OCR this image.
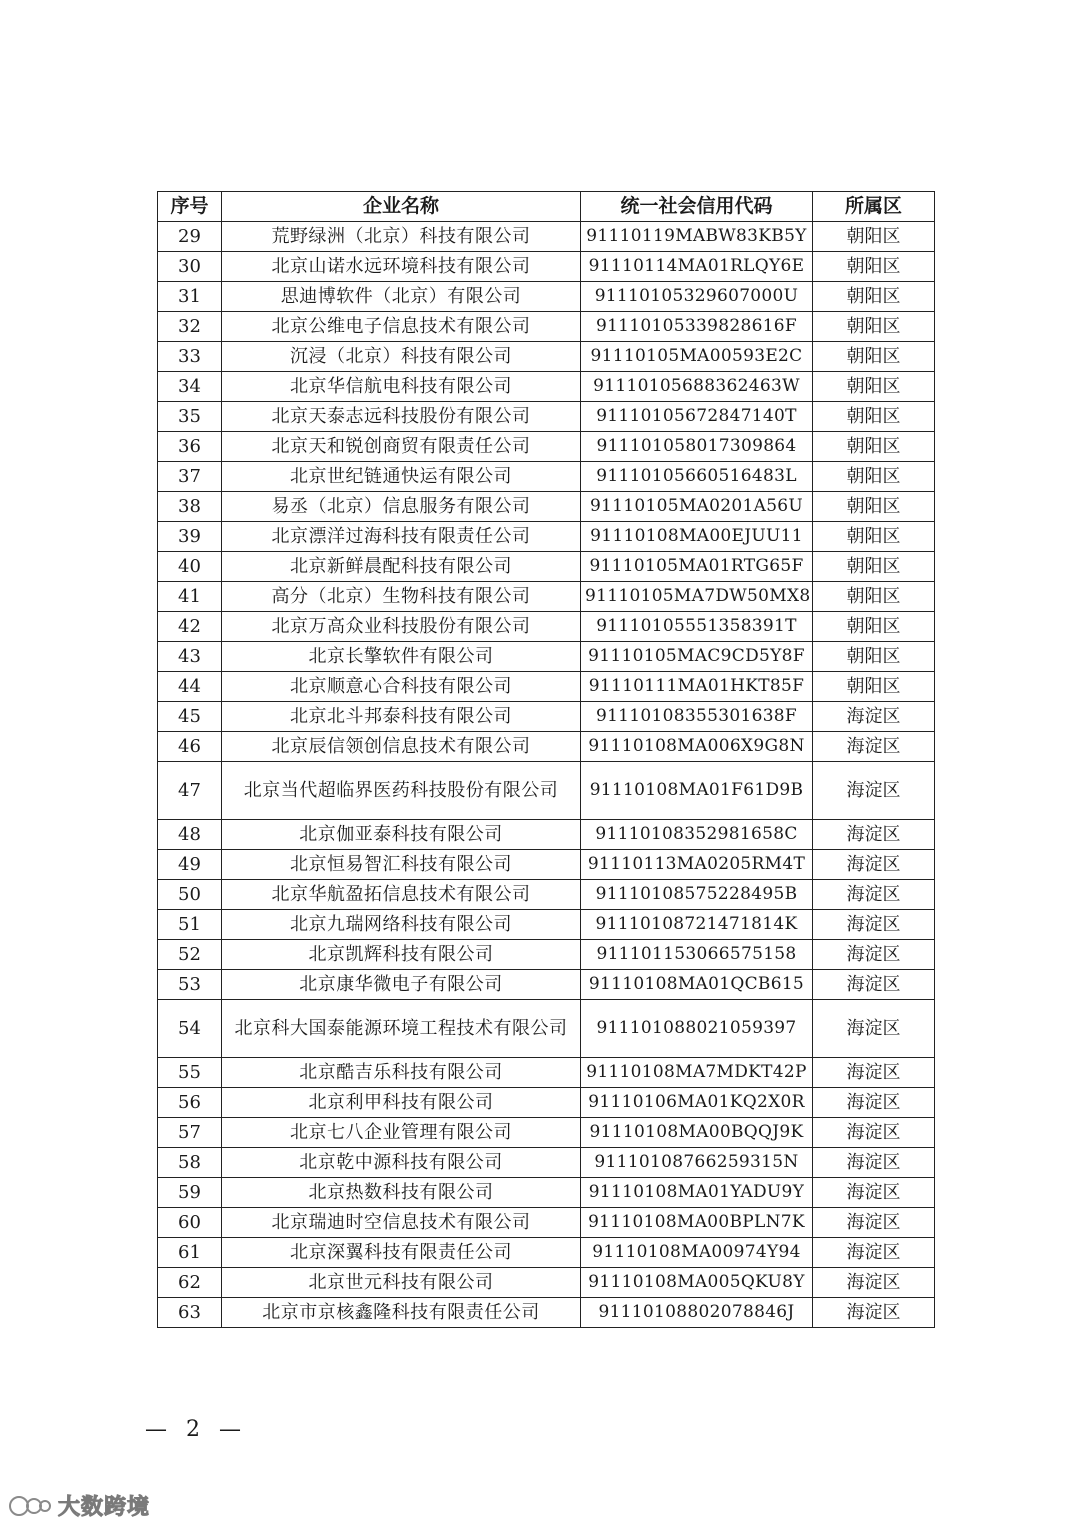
序号	企业名称	统一社会信用代码	所属区
29	荒野绿洲（北京）科技有限公司	91110119MABW83KB5Y	朝阳区
30	北京山诺水远环境科技有限公司	91110114MA01RLQY6E	朝阳区
31	思迪博软件（北京）有限公司	91110105329607000U	朝阳区
32	北京公维电子信息技术有限公司	91110105339828616F	朝阳区
33	沉浸（北京）科技有限公司	91110105MA00593E2C	朝阳区
34	北京华信航电科技有限公司	91110105688362463W	朝阳区
35	北京天泰志远科技股份有限公司	91110105672847140T	朝阳区
36	北京天和锐创商贸有限责任公司	911101058017309864	朝阳区
37	北京世纪链通快运有限公司	91110105660516483L	朝阳区
38	易丞（北京）信息服务有限公司	91110105MA0201A56U	朝阳区
39	北京漂洋过海科技有限责任公司	91110108MA00EJUU11	朝阳区
40	北京新鲜晨配科技有限公司	91110105MA01RTG65F	朝阳区
41	高分（北京）生物科技有限公司	91110105MA7DW50MX8	朝阳区
42	北京万高众业科技股份有限公司	91110105551358391T	朝阳区
43	北京长擎软件有限公司	91110105MAC9CD5Y8F	朝阳区
44	北京顺意心合科技有限公司	91110111MA01HKT85F	朝阳区
45	北京北斗邦泰科技有限公司	91110108355301638F	海淀区
46	北京辰信领创信息技术有限公司	91110108MA006X9G8N	海淀区
47	北京当代超临界医药科技股份有限公司	91110108MA01F61D9B	海淀区
48	北京伽亚泰科技有限公司	91110108352981658C	海淀区
49	北京恒易智汇科技有限公司	91110113MA0205RM4T	海淀区
50	北京华航盈拓信息技术有限公司	91110108575228495B	海淀区
51	北京九瑞网络科技有限公司	91110108721471814K	海淀区
52	北京凯辉科技有限公司	911101153066575158	海淀区
53	北京康华微电子有限公司	91110108MA01QCB615	海淀区
54	北京科大国泰能源环境工程技术有限公司	911101088021059397	海淀区
55	北京酷吉乐科技有限公司	91110108MA7MDKT42P	海淀区
56	北京利甲科技有限公司	91110106MA01KQ2X0R	海淀区
57	北京七八企业管理有限公司	91110108MA00BQQJ9K	海淀区
58	北京乾中源科技有限公司	91110108766259315N	海淀区
59	北京热数科技有限公司	91110108MA01YADU9Y	海淀区
60	北京瑞迪时空信息技术有限公司	91110108MA00BPLN7K	海淀区
61	北京深翼科技有限责任公司	91110108MA00974Y94	海淀区
62	北京世元科技有限公司	91110108MA005QKU8Y	海淀区
63	北京市京核鑫隆科技有限责任公司	91110108802078846J	海淀区
— 2 —
大数跨境
